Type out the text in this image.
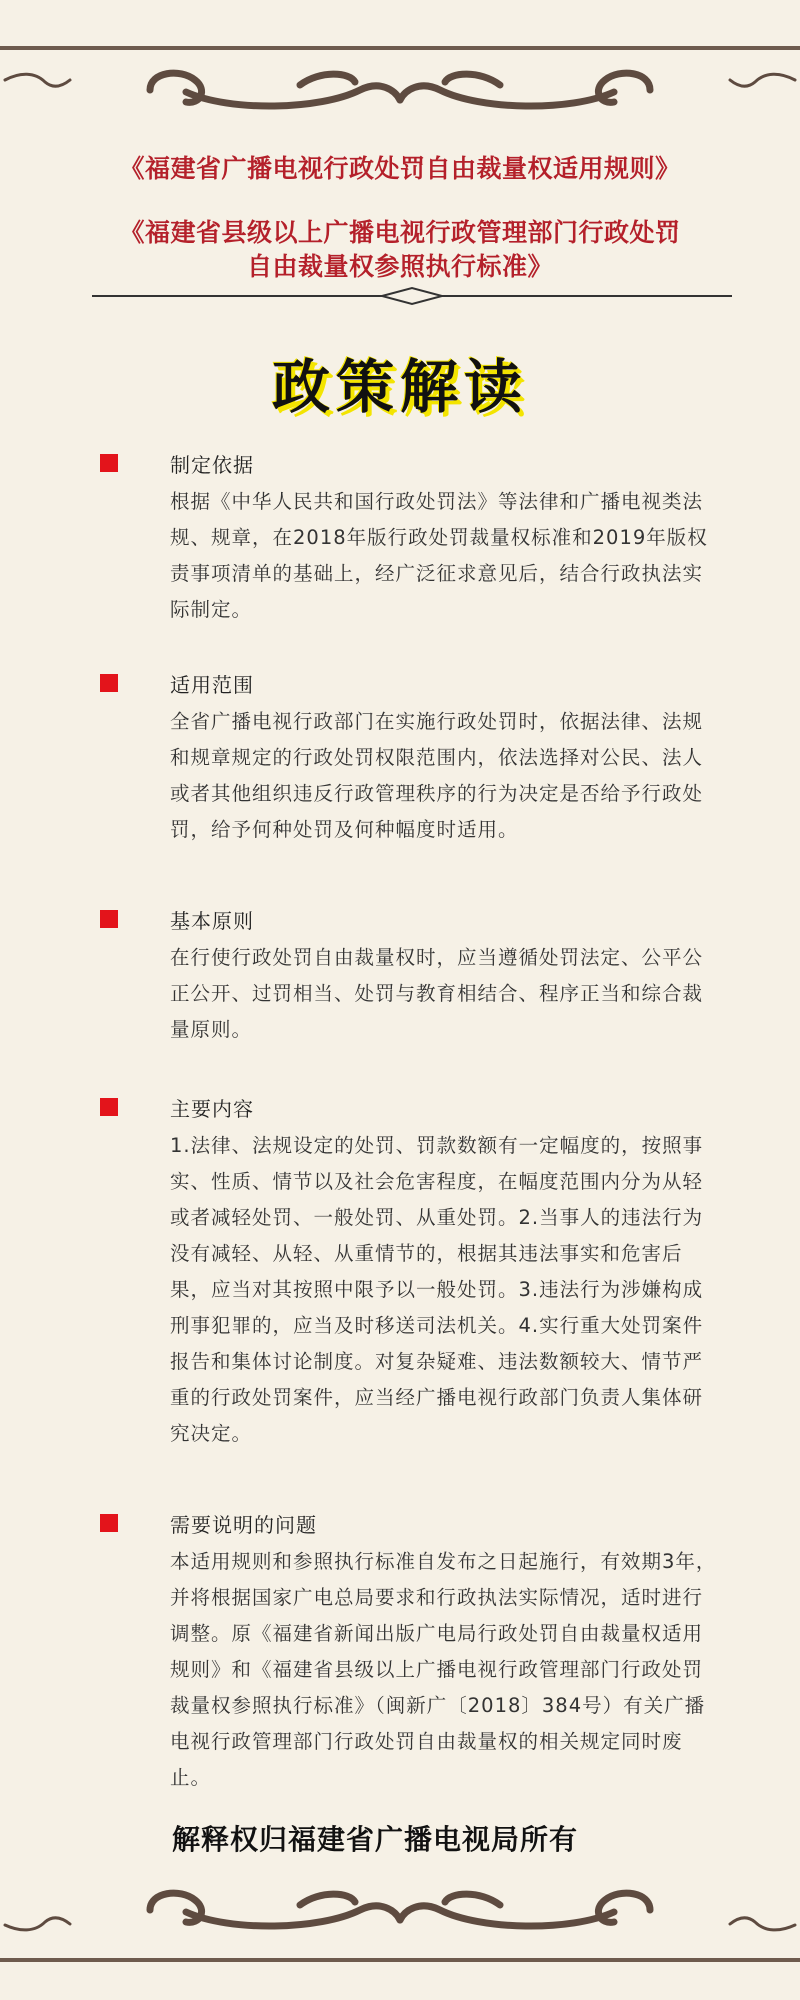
《福建省广播电视行政处罚自由裁量权适用规则》
《福建省县级以上广播电视行政管理部门行政处罚
自由裁量权参照执行标准》
政策解读
制定依据
根据《中华人民共和国行政处罚法》等法律和广播电视类法规、规章，在2018年版行政处罚裁量权标准和2019年版权责事项清单的基础上，经广泛征求意见后，结合行政执法实际制定。
适用范围
全省广播电视行政部门在实施行政处罚时，依据法律、法规和规章规定的行政处罚权限范围内，依法选择对公民、法人或者其他组织违反行政管理秩序的行为决定是否给予行政处罚，给予何种处罚及何种幅度时适用。
基本原则
在行使行政处罚自由裁量权时，应当遵循处罚法定、公平公正公开、过罚相当、处罚与教育相结合、程序正当和综合裁量原则。
主要内容
1.法律、法规设定的处罚、罚款数额有一定幅度的，按照事实、性质、情节以及社会危害程度，在幅度范围内分为从轻或者减轻处罚、一般处罚、从重处罚。2.当事人的违法行为没有减轻、从轻、从重情节的，根据其违法事实和危害后果，应当对其按照中限予以一般处罚。3.违法行为涉嫌构成刑事犯罪的，应当及时移送司法机关。4.实行重大处罚案件报告和集体讨论制度。对复杂疑难、违法数额较大、情节严重的行政处罚案件，应当经广播电视行政部门负责人集体研究决定。
需要说明的问题
本适用规则和参照执行标准自发布之日起施行，有效期3年，并将根据国家广电总局要求和行政执法实际情况，适时进行调整。原《福建省新闻出版广电局行政处罚自由裁量权适用规则》和《福建省县级以上广播电视行政管理部门行政处罚裁量权参照执行标准》（闽新广〔2018〕384号）有关广播电视行政管理部门行政处罚自由裁量权的相关规定同时废止。
解释权归福建省广播电视局所有
